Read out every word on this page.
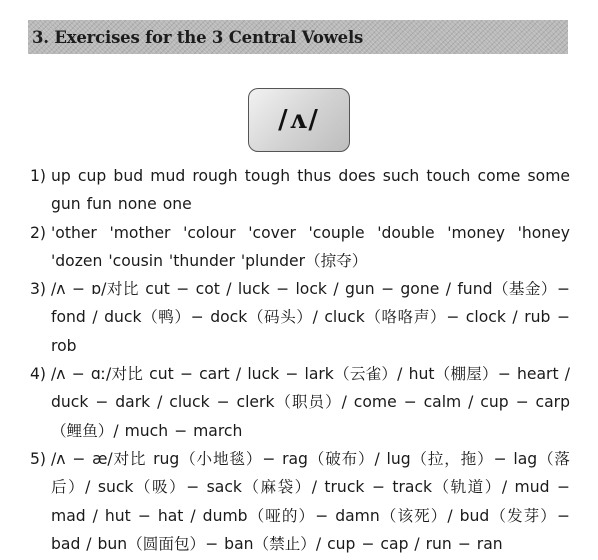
3. Exercises for the 3 Central Vowels
/ʌ/
1) up cup bud mud rough tough thus does such touch come some gun fun none one
2) 'other 'mother 'colour 'cover 'couple 'double 'money 'honey 'dozen 'cousin 'thunder 'plunder（掠夺）
3) /ʌ − ɒ/对比 cut − cot / luck − lock / gun − gone / fund（基金）− fond / duck（鸭）− dock（码头）/ cluck（咯咯声）− clock / rub − rob
4) /ʌ − ɑː/对比 cut − cart / luck − lark（云雀）/ hut（棚屋）− heart / duck − dark / cluck − clerk（职员）/ come − calm / cup − carp（鲤鱼）/ much − march
5) /ʌ − æ/对比 rug（小地毯）− rag（破布）/ lug（拉，拖）− lag（落后）/ suck（吸）− sack（麻袋）/ truck − track（轨道）/ mud − mad / hut − hat / dumb（哑的）− damn（该死）/ bud（发芽）− bad / bun（圆面包）− ban（禁止）/ cup − cap / run − ran
